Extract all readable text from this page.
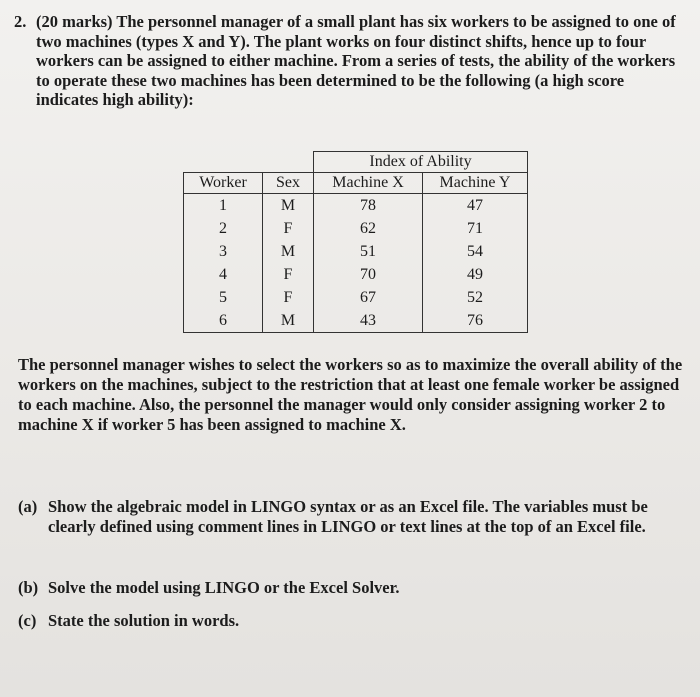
2. (20 marks) The personnel manager of a small plant has six workers to be assigned to one of two machines (types X and Y). The plant works on four distinct shifts, hence up to four workers can be assigned to either machine. From a series of tests, the ability of the workers to operate these two machines has been determined to be the following (a high score indicates high ability):
		Index of Ability	
Worker	Sex	Machine X	Machine Y
1	M	78	47
2	F	62	71
3	M	51	54
4	F	70	49
5	F	67	52
6	M	43	76
The personnel manager wishes to select the workers so as to maximize the overall ability of the workers on the machines, subject to the restriction that at least one female worker be assigned to each machine. Also, the personnel the manager would only consider assigning worker 2 to machine X if worker 5 has been assigned to machine X.
(a) Show the algebraic model in LINGO syntax or as an Excel file. The variables must be clearly defined using comment lines in LINGO or text lines at the top of an Excel file.
(b) Solve the model using LINGO or the Excel Solver.
(c) State the solution in words.
